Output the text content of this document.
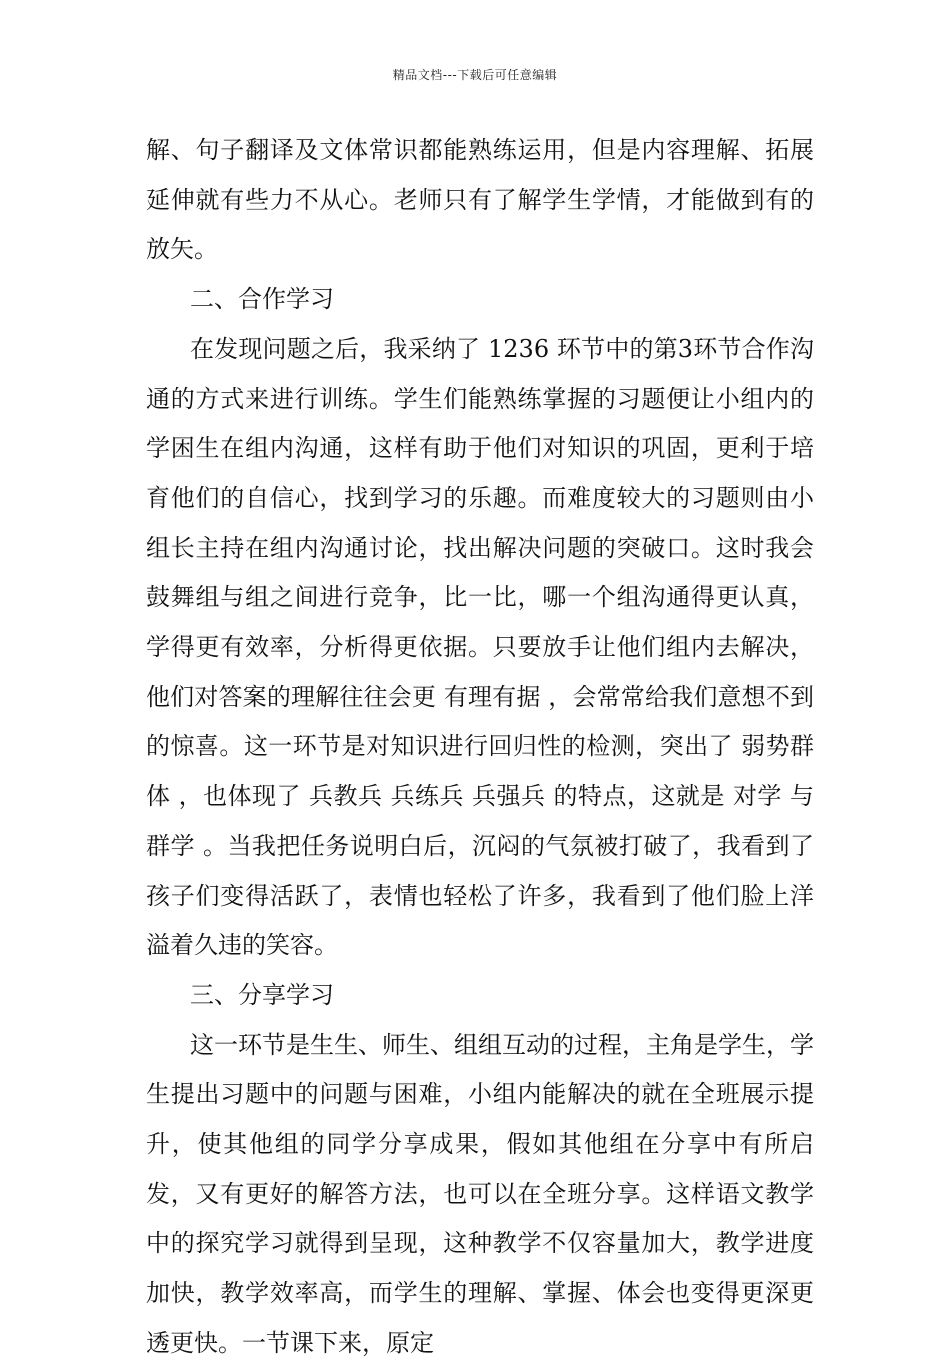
精品文档---下载后可任意编辑

解、句子翻译及文体常识都能熟练运用，但是内容理解、拓展延伸就有些力不从心。老师只有了解学生学情，才能做到有的放矢。

二、合作学习

在发现问题之后，我采纳了 1236 环节中的第3环节合作沟通的方式来进行训练。学生们能熟练掌握的习题便让小组内的学困生在组内沟通，这样有助于他们对知识的巩固，更利于培育他们的自信心，找到学习的乐趣。而难度较大的习题则由小组长主持在组内沟通讨论，找出解决问题的突破口。这时我会鼓舞组与组之间进行竞争，比一比，哪一个组沟通得更认真，学得更有效率，分析得更依据。只要放手让他们组内去解决，他们对答案的理解往往会更 有理有据 ，会常常给我们意想不到的惊喜。这一环节是对知识进行回归性的检测，突出了 弱势群体 ，也体现了 兵教兵 兵练兵 兵强兵 的特点，这就是 对学 与 群学 。当我把任务说明白后，沉闷的气氛被打破了，我看到了孩子们变得活跃了，表情也轻松了许多，我看到了他们脸上洋溢着久违的笑容。

三、分享学习

这一环节是生生、师生、组组互动的过程，主角是学生，学生提出习题中的问题与困难，小组内能解决的就在全班展示提升，使其他组的同学分享成果，假如其他组在分享中有所启发，又有更好的解答方法，也可以在全班分享。这样语文教学中的探究学习就得到呈现，这种教学不仅容量加大，教学进度加快，教学效率高，而学生的理解、掌握、体会也变得更深更透更快。一节课下来，原定
